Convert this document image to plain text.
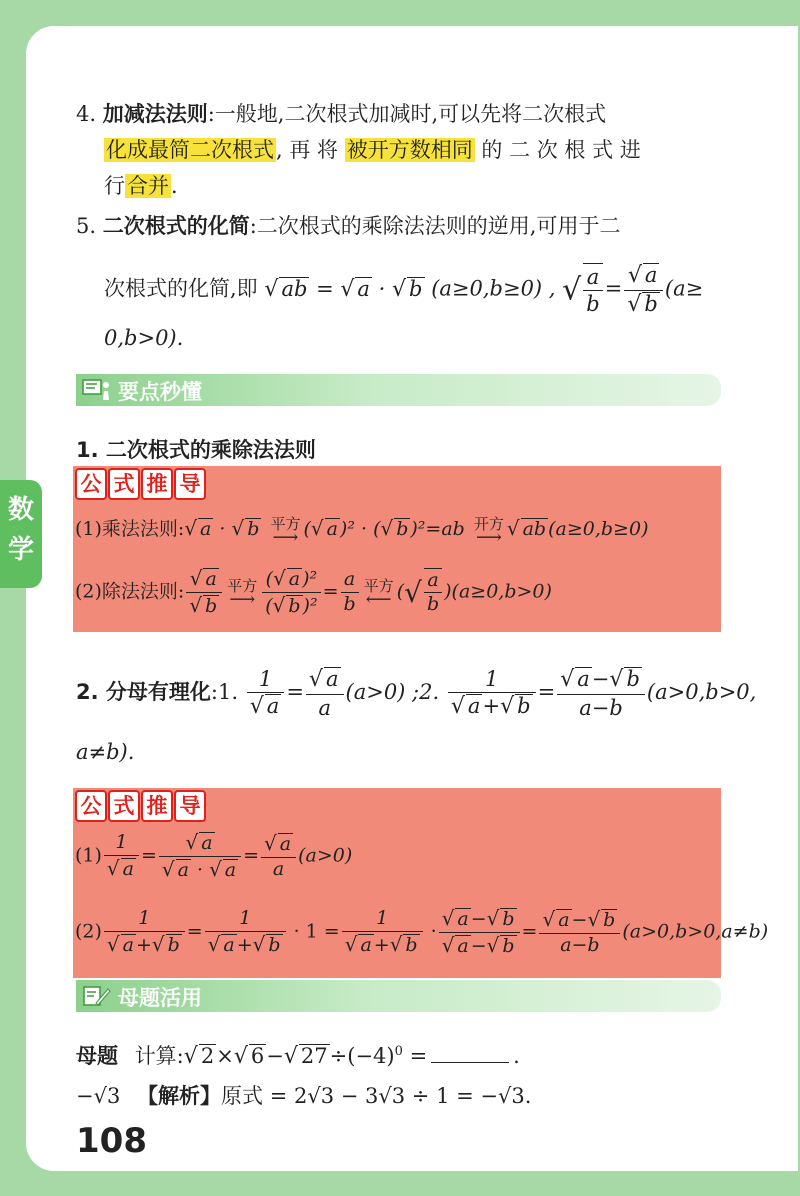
4. 加减法法则:一般地,二次根式加减时,可以先将二次根式
化成最简二次根式, 再 将 被开方数相同 的 二 次 根 式 进
行合并.
5. 二次根式的化简:二次根式的乘除法法则的逆用,可用于二
次根式的化简,即 √ ab = √ a · √ b (a≥0,b≥0) , √ $\frac{a}{b} = \frac{√ a}{√ b} (a\ge$
0,b>0).
要点秒懂
1. 二次根式的乘除法法则
公 式 推 导
(1)乘法法则:√ a · √ b 平方
⟶ (√ a )² · (√ b )²=ab 开方
⟶ √ ab (a≥0,b≥0)
(2)除法法则: $\frac{√ a}{√ b}$ 平方
⟶ $\frac{\text{(√ a )²}}{\text{(√ b )²}} = \frac{a}{b}$ 平方
⟵ (√ $\frac{a}{b} )(a\ge 0,b>0)$
2. 分母有理化:1. $\frac{1}{√ a} = \frac{√ a}{a} (a>0)$ ;2. $\frac{1}{√ a+√ b} = \frac{√ a-√ b}{a-b} (a>0,b>0$,
a≠b).
公 式 推 导
$(1) \frac{1}{√ a} = \frac{√ a}{√ a \cdot √ a} = \frac{√ a}{a} (a>0)$
$(2) \frac{1}{√ a +√ b} = \frac{1}{√ a +√ b} \cdot 1 = \frac{1}{√ a +√ b} \cdot \frac{√ a -√ b}{√ a -√ b} = \frac{√ a -√ b}{a-b} (a>0,b>0,a\ne b)$
母题活用
母题 计算:√ 2×√ 6−√ $27\div(-4)^0$ =	.
−√3 【解析】原式 = 2√3 − 3√3 ÷ 1 = −√3.
108
数
学
